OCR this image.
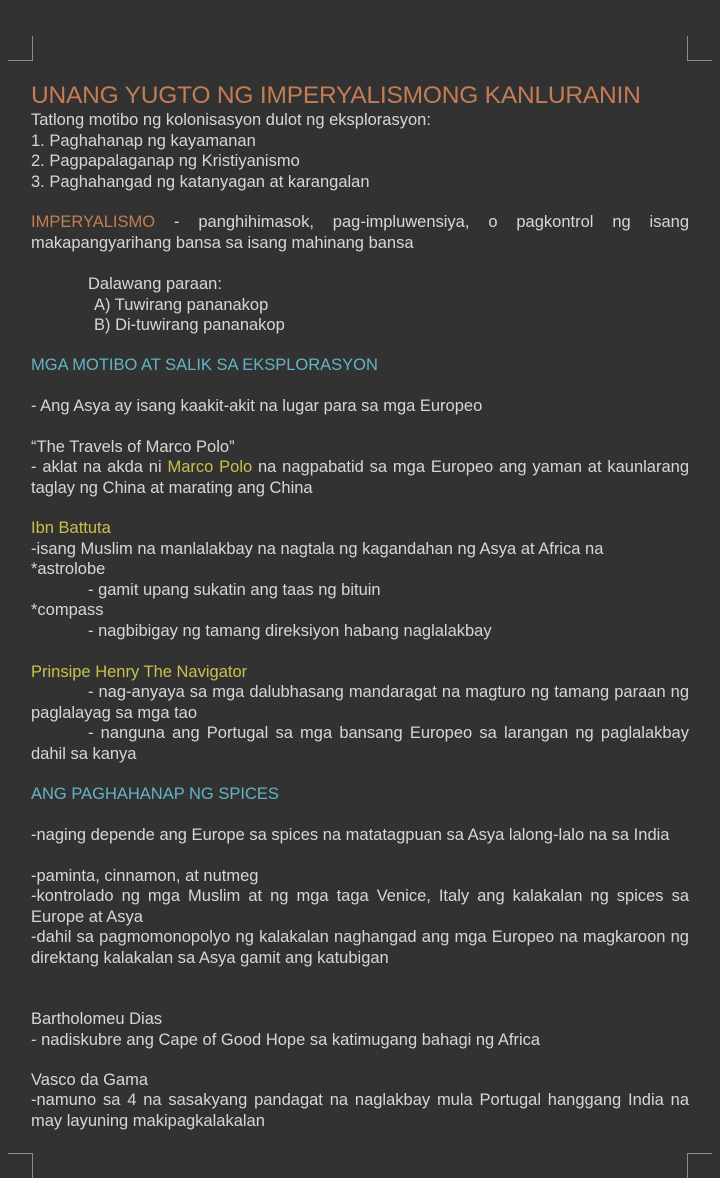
UNANG YUGTO NG IMPERYALISMONG KANLURANIN
Tatlong motibo ng kolonisasyon dulot ng eksplorasyon:
1. Paghahanap ng kayamanan
2. Pagpapalaganap ng Kristiyanismo
3. Paghahangad ng katanyagan at karangalan
IMPERYALISMO - panghihimasok, pag-impluwensiya, o pagkontrol ng isang makapangyarihang bansa sa isang mahinang bansa
Dalawang paraan:
A) Tuwirang pananakop
B) Di-tuwirang pananakop
MGA MOTIBO AT SALIK SA EKSPLORASYON
- Ang Asya ay isang kaakit-akit na lugar para sa mga Europeo
“The Travels of Marco Polo”
- aklat na akda ni Marco Polo na nagpabatid sa mga Europeo ang yaman at kaunlarang taglay ng China at marating ang China
Ibn Battuta
-isang Muslim na manlalakbay na nagtala ng kagandahan ng Asya at Africa na
*astrolobe
- gamit upang sukatin ang taas ng bituin
*compass
- nagbibigay ng tamang direksiyon habang naglalakbay
Prinsipe Henry The Navigator
- nag-anyaya sa mga dalubhasang mandaragat na magturo ng tamang paraan ng paglalayag sa mga tao
- nanguna ang Portugal sa mga bansang Europeo sa larangan ng paglalakbay dahil sa kanya
ANG PAGHAHANAP NG SPICES
-naging depende ang Europe sa spices na matatagpuan sa Asya lalong-lalo na sa India
-paminta, cinnamon, at nutmeg
-kontrolado ng mga Muslim at ng mga taga Venice, Italy ang kalakalan ng spices sa Europe at Asya
-dahil sa pagmomonopolyo ng kalakalan naghangad ang mga Europeo na magkaroon ng direktang kalakalan sa Asya gamit ang katubigan
Bartholomeu Dias
- nadiskubre ang Cape of Good Hope sa katimugang bahagi ng Africa
Vasco da Gama
-namuno sa 4 na sasakyang pandagat na naglakbay mula Portugal hanggang India na may layuning makipagkalakalan
